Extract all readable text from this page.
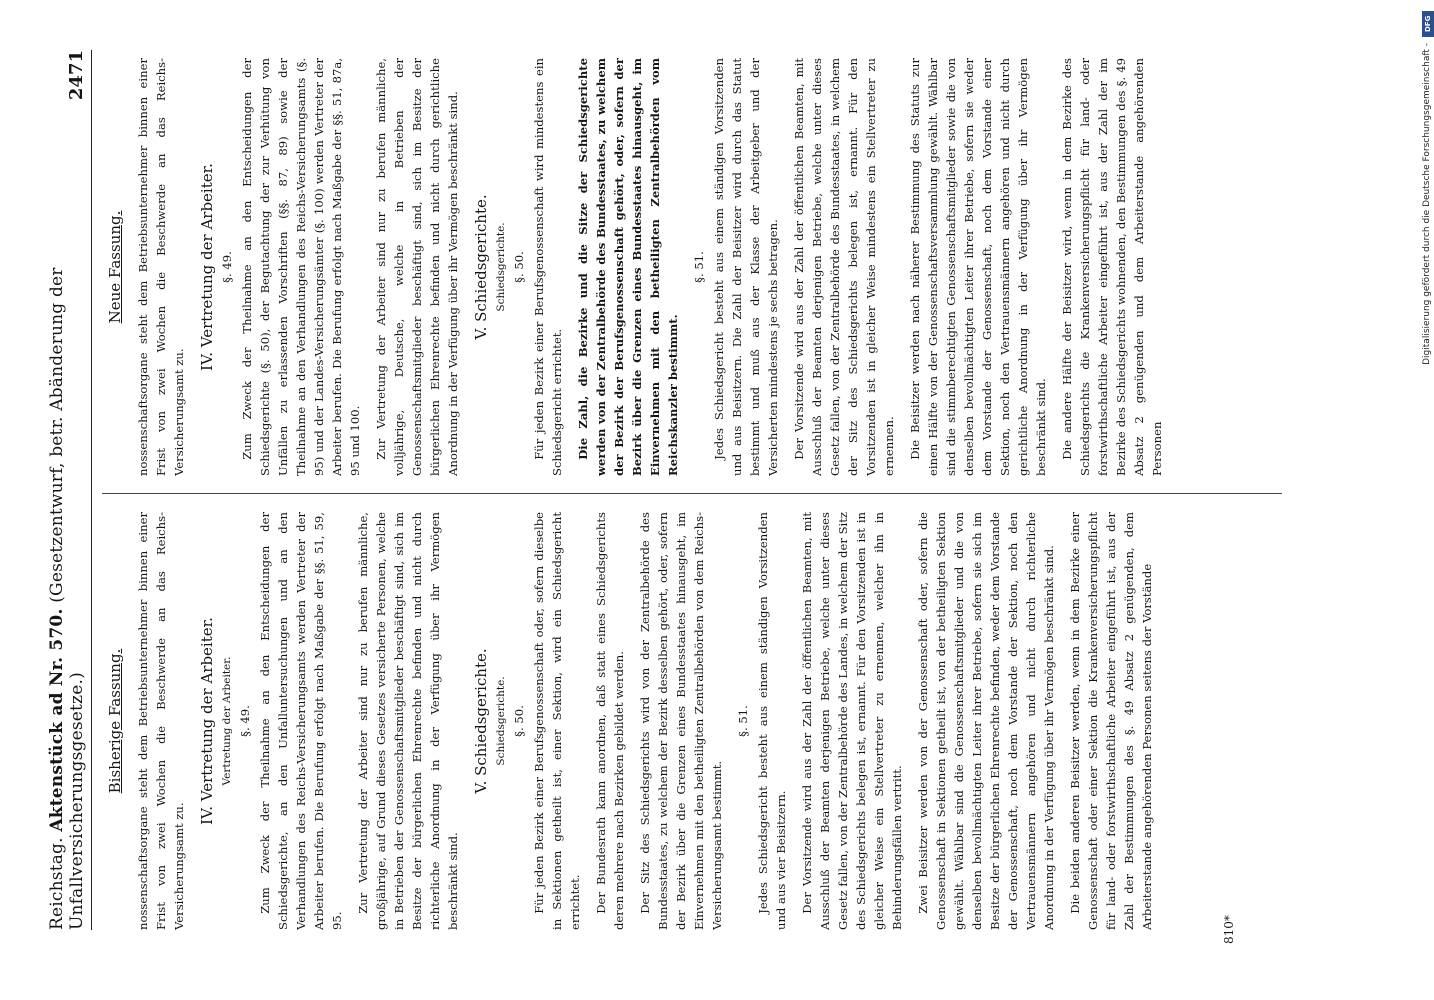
Reichstag. Aktenstück ad Nr. 570. (Gesetzentwurf, betr. Abänderung der Unfallversicherungsgesetze.)
2471
Bisherige Fassung. nossenschaftsorgane steht dem Betriebsunternehmer binnen einer Frist von zwei Wochen die Beschwerde an das Reichs-Versicherungsamt zu.

IV. Vertretung der Arbeiter. Vertretung der Arbeiter. §. 49. Zum Zweck der Theilnahme an den Entscheidungen der Schiedsgerichte, an den Unfalluntersuchungen und an den Verhandlungen des Reichs-Versicherungsamts werden Vertreter der Arbeiter berufen. Die Berufung erfolgt nach Maßgabe der §§. 51, 59, 95.

Zur Vertretung der Arbeiter sind nur zu berufen männliche, großjährige, auf Grund dieses Gesetzes versicherte Personen, welche in Betrieben der Genossenschaftsmitglieder beschäftigt sind, sich im Besitze der bürgerlichen Ehrenrechte befinden und nicht durch richterliche Anordnung in der Verfügung über ihr Vermögen beschränkt sind.

V. Schiedsgerichte. Schiedsgerichte. §. 50. Für jeden Bezirk einer Berufsgenossenschaft oder, sofern dieselbe in Sektionen getheilt ist, einer Sektion, wird ein Schiedsgericht errichtet. Der Bundesrath kann anordnen, daß statt eines Schiedsgerichts deren mehrere nach Bezirken gebildet werden. Der Sitz des Schiedsgerichts wird von der Zentralbehörde des Bundesstaates, zu welchem der Bezirk desselben gehört, oder, sofern der Bezirk über die Grenzen eines Bundesstaates hinausgeht, im Einvernehmen mit den betheiligten Zentralbehörden von dem Reichs-Versicherungsamt bestimmt.

§. 51. Jedes Schiedsgericht besteht aus einem ständigen Vorsitzenden und aus vier Beisitzern. Der Vorsitzende wird aus der Zahl der öffentlichen Beamten, mit Ausschluß der Beamten derjenigen Betriebe, welche unter dieses Gesetz fallen, von der Zentralbehörde des Landes, in welchem der Sitz des Schiedsgerichts belegen ist, ernannt. Für den Vorsitzenden ist in gleicher Weise ein Stellvertreter zu ernennen, welcher ihn in Behinderungsfällen vertritt. Zwei Beisitzer werden von der Genossenschaft oder, sofern die Genossenschaft in Sektionen getheilt ist, von der betheiligten Sektion gewählt. Wählbar sind die Genossenschaftsmitglieder und die von denselben bevollmächtigten Leiter ihrer Betriebe, sofern sie sich im Besitze der bürgerlichen Ehrenrechte befinden, weder dem Vorstande der Genossenschaft, noch dem Vorstande der Sektion, noch den Vertrauensmännern angehören und nicht durch richterliche Anordnung in der Verfügung über ihr Vermögen beschränkt sind. Die beiden anderen Beisitzer werden, wenn in dem Bezirke einer Genossenschaft oder einer Sektion die Krankenversicherungspflicht für land- oder forstwirthschaftliche Arbeiter eingeführt ist, aus der Zahl der Bestimmungen des §. 49 Absatz 2 genügenden, dem Arbeiterstande angehörenden Personen seitens der Vorstände

Neue Fassung. nossenschaftsorgane steht dem Betriebsunternehmer binnen einer Frist von zwei Wochen die Beschwerde an das Reichs-Versicherungsamt zu.

IV. Vertretung der Arbeiter. §. 49. Zum Zweck der Theilnahme an den Entscheidungen der Schiedsgerichte (§. 50), der Begutachtung der zur Verhütung von Unfällen zu erlassenden Vorschriften (§§. 87, 89) sowie der Theilnahme an den Verhandlungen des Reichs-Versicherungsamts (§. 95) und der Landes-Versicherungsämter (§. 100) werden Vertreter der Arbeiter berufen. Die Berufung erfolgt nach Maßgabe der §§. 51, 87a, 95 und 100. Zur Vertretung der Arbeiter sind nur zu berufen männliche, volljährige, Deutsche, welche in Betrieben der Genossenschaftsmitglieder beschäftigt sind, sich im Besitze der bürgerlichen Ehrenrechte befinden und nicht durch gerichtliche Anordnung in der Verfügung über ihr Vermögen beschränkt sind. V. Schiedsgerichte. Schiedsgerichte. §. 50. Für jeden Bezirk einer Berufsgenossenschaft wird mindestens ein Schiedsgericht errichtet. Die Zahl, die Bezirke und die Sitze der Schiedsgerichte werden von der Zentralbehörde des Bundesstaates, zu welchem der Bezirk der Berufsgenossenschaft gehört, oder, sofern der Bezirk über die Grenzen eines Bundesstaates hinausgeht, im Einvernehmen mit den betheiligten Zentralbehörden vom Reichskanzler bestimmt.

§. 51. Jedes Schiedsgericht besteht aus einem ständigen Vorsitzenden und aus Beisitzern. Die Zahl der Beisitzer wird durch das Statut bestimmt und muß aus der Klasse der Arbeitgeber und der Versicherten mindestens je sechs betragen. Der Vorsitzende wird aus der Zahl der öffentlichen Beamten, mit Ausschluß der Beamten derjenigen Betriebe, welche unter dieses Gesetz fallen, von der Zentralbehörde des Bundesstaates, in welchem der Sitz des Schiedsgerichts belegen ist, ernannt. Für den Vorsitzenden ist in gleicher Weise mindestens ein Stellvertreter zu ernennen. Die Beisitzer werden nach näherer Bestimmung des Statuts zur einen Hälfte von der Genossenschaftsversammlung gewählt. Wählbar sind die stimmberechtigten Genossenschaftsmitglieder sowie die von denselben bevollmächtigten Leiter ihrer Betriebe, sofern sie weder dem Vorstande der Genossenschaft, noch dem Vorstande einer Sektion, noch den Vertrauensmännern angehören und nicht durch gerichtliche Anordnung in der Verfügung über ihr Vermögen beschränkt sind. Die andere Hälfte der Beisitzer wird, wenn in dem Bezirke des Schiedsgerichts die Krankenversicherungspflicht für land- oder forstwirthschaftliche Arbeiter eingeführt ist, aus der Zahl der im Bezirke des Schiedsgerichts wohnenden, den Bestimmungen des §. 49 Absatz 2 genügenden und dem Arbeiterstande angehörenden Personen

810*
DFG
Digitalisierung gefördert durch die Deutsche Forschungsgemeinschaft -
